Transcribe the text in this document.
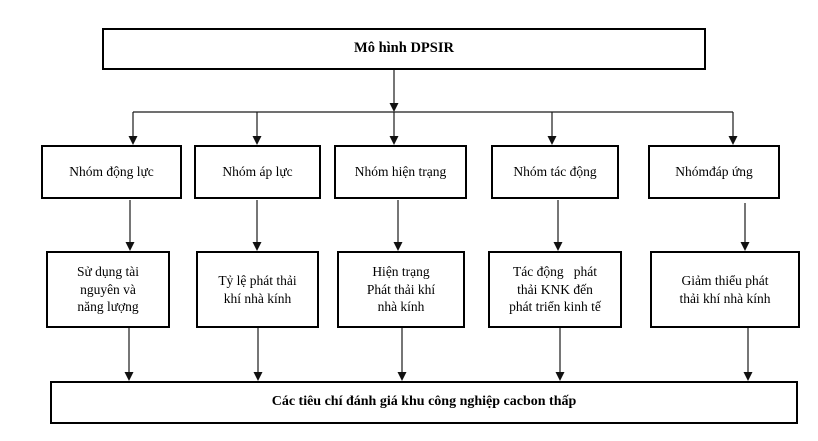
Mô hình DPSIR
Nhóm động lực	Nhóm áp lực	Nhóm hiện trạng	Nhóm tác động	Nhómđáp ứng
Sử dụng tài
nguyên và
năng lượng
Tỷ lệ phát thải
khí nhà kính
Hiện trạng
Phát thải khí
nhà kính
Tác động   phát
thải KNK đến
phát triển kinh tế
Giảm thiểu phát
thải khí nhà kính
Các tiêu chí đánh giá khu công nghiệp cacbon thấp
